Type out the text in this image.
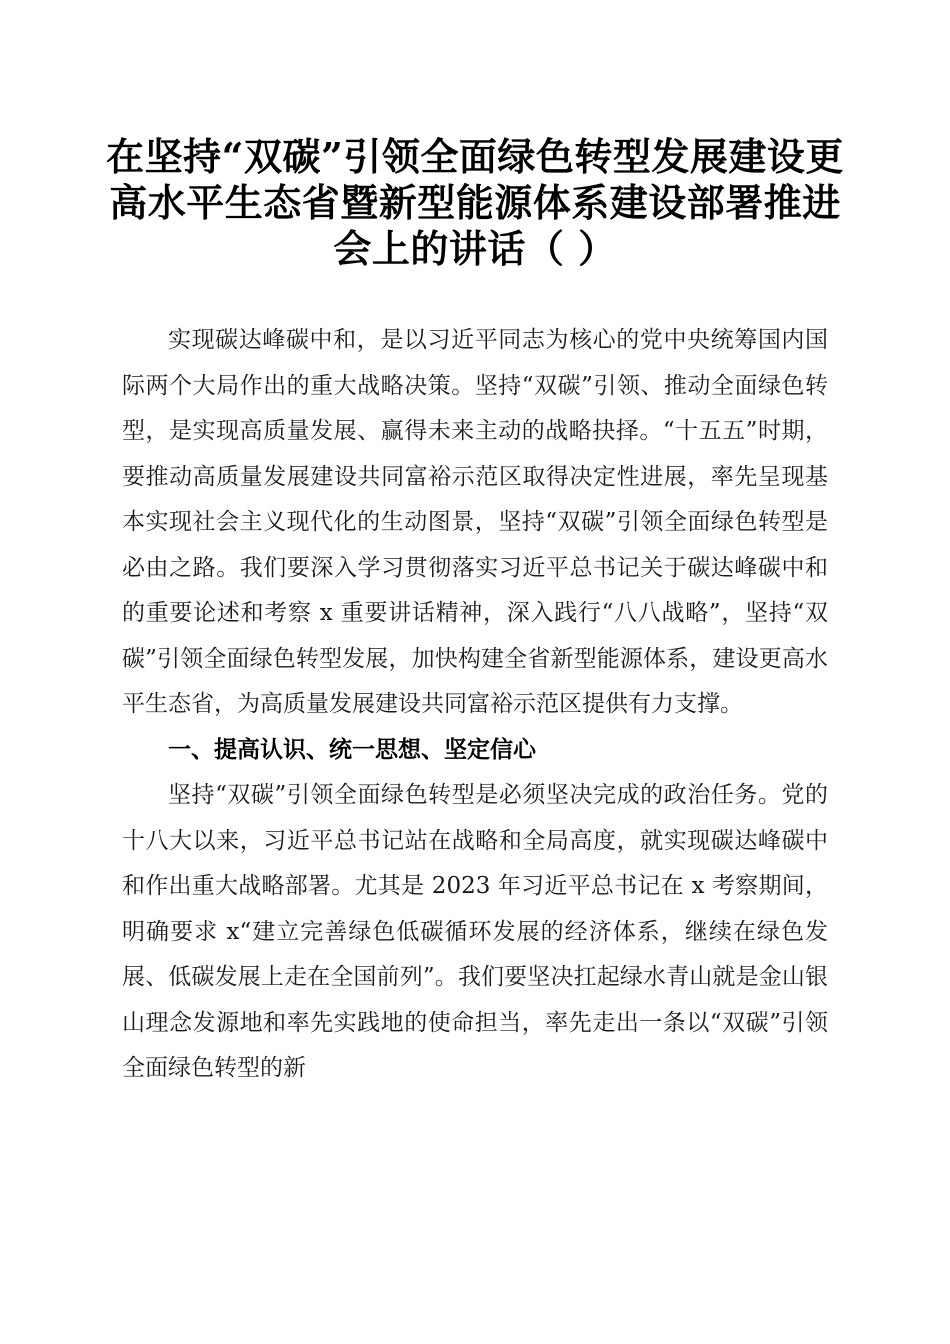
在坚持“双碳”引领全面绿色转型发展建设更高水平生态省暨新型能源体系建设部署推进会上的讲话（ ）

实现碳达峰碳中和，是以习近平同志为核心的党中央统筹国内国际两个大局作出的重大战略决策。坚持“双碳”引领、推动全面绿色转型，是实现高质量发展、赢得未来主动的战略抉择。“十五五”时期，要推动高质量发展建设共同富裕示范区取得决定性进展，率先呈现基本实现社会主义现代化的生动图景，坚持“双碳”引领全面绿色转型是必由之路。我们要深入学习贯彻落实习近平总书记关于碳达峰碳中和的重要论述和考察 x 重要讲话精神，深入践行“八八战略”，坚持“双碳”引领全面绿色转型发展，加快构建全省新型能源体系，建设更高水平生态省，为高质量发展建设共同富裕示范区提供有力支撑。

一、提高认识、统一思想、坚定信心

坚持“双碳”引领全面绿色转型是必须坚决完成的政治任务。党的十八大以来，习近平总书记站在战略和全局高度，就实现碳达峰碳中和作出重大战略部署。尤其是 2023 年习近平总书记在 x 考察期间，明确要求 x“建立完善绿色低碳循环发展的经济体系，继续在绿色发展、低碳发展上走在全国前列”。我们要坚决扛起绿水青山就是金山银山理念发源地和率先实践地的使命担当，率先走出一条以“双碳”引领全面绿色转型的新
